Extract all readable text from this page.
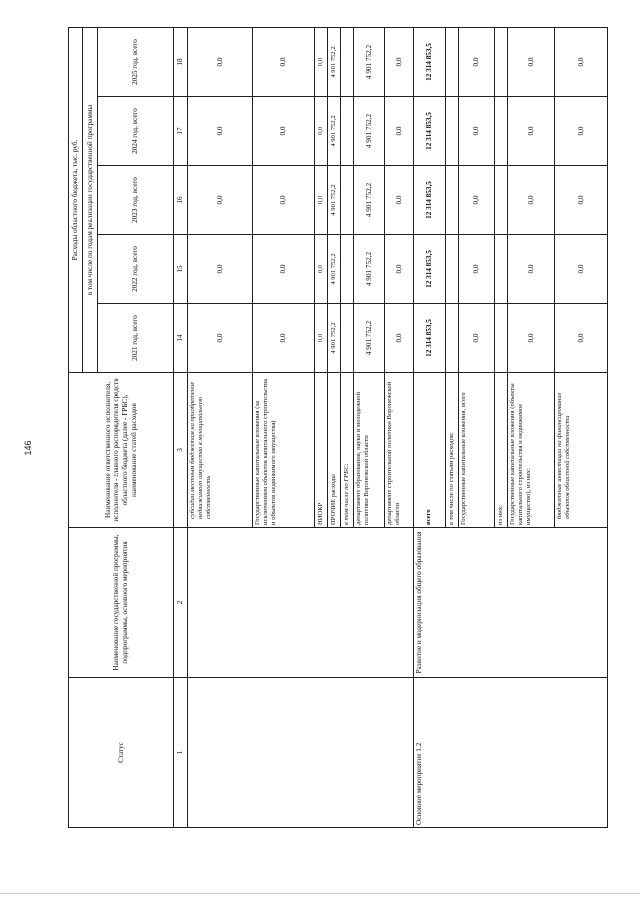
146
Статус	Наименование государственной программы, подпрограммы, основного мероприятия	Наименование ответственного исполнителя, исполнителя - главного распорядителя средств областного бюджета (далее - ГРБС), наименование статей расходов	Расходы областного бюджета, тыс. руб.				
			в том числе по годам реализации государственной программы				
			2021 год, всего	2022 год, всего	2023 год, всего	2024 год, всего	2025 год, всего
1	2	3	14	15	16	17	18
		субсидии местным бюджетам на приобретение недвижимого имущества в муниципальную собственность	0,0	0,0	0,0	0,0	0,0
		Государственные капитальные вложения (за исключением объектов капитального строительства и объектов недвижимого имущества)	0,0	0,0	0,0	0,0	0,0
		НИОКР	0,0	0,0	0,0	0,0	0,0
		ПРОЧИЕ расходы	4 901 752,2	4 901 752,2	4 901 752,2	4 901 752,2	4 901 752,2
		в том числе по ГРБС:					
		департамент образования, науки и молодежной политики Воронежской области	4 901 752,2	4 901 752,2	4 901 752,2	4 901 752,2	4 901 752,2
		департамент строительной политики Воронежской области	0,0	0,0	0,0	0,0	0,0
Основное мероприятие 1.2	Развитие и модернизация общего образования	всего	12 314 853,5	12 314 853,5	12 314 853,5	12 314 853,5	12 314 853,5
		в том числе по статьям расходов:					
		Государственные капитальные вложения, всего	0,0	0,0	0,0	0,0	0,0
		из них:					
		Государственные капитальные вложения (объекты капитального строительства и недвижимое имущество), из них:	0,0	0,0	0,0	0,0	0,0
		бюджетные инвестиции на финансирование объектов областной собственности	0,0	0,0	0,0	0,0	0,0
